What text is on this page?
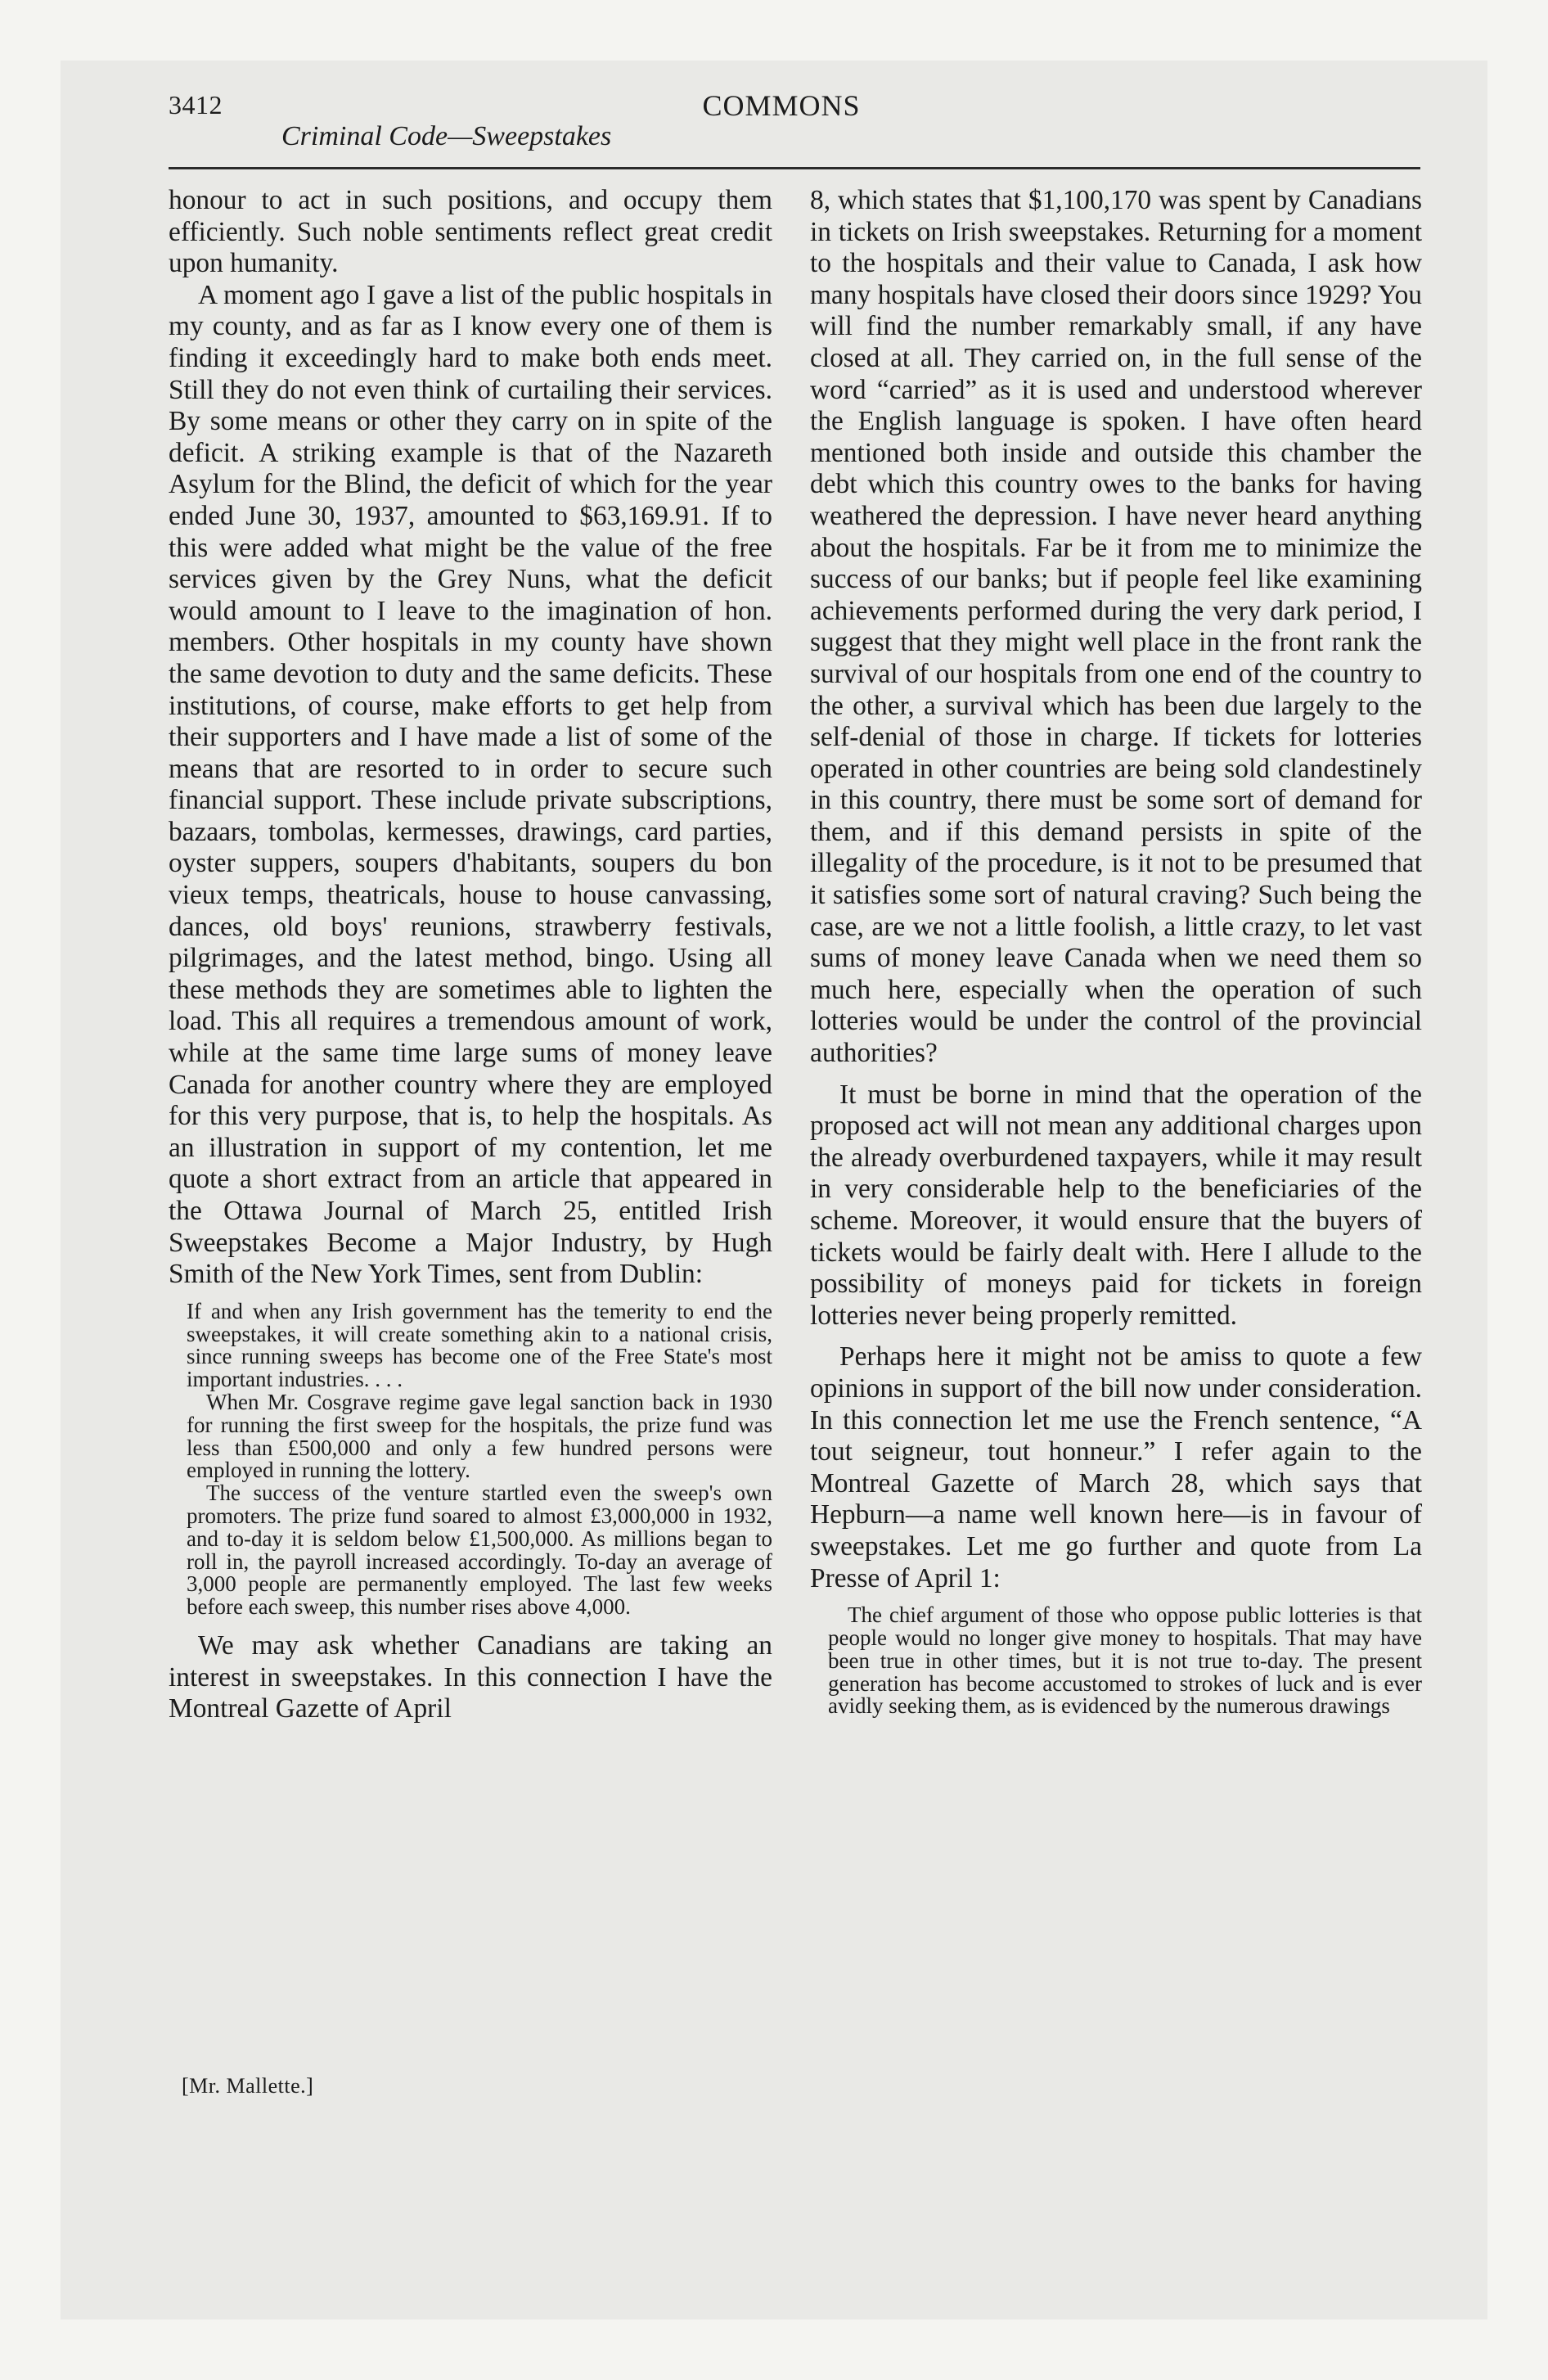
3412
Criminal Code—Sweepstakes
COMMONS

honour to act in such positions, and occupy them efficiently. Such noble sentiments reflect great credit upon humanity.

A moment ago I gave a list of the public hospitals in my county, and as far as I know every one of them is finding it exceedingly hard to make both ends meet. Still they do not even think of curtailing their services. By some means or other they carry on in spite of the deficit. A striking example is that of the Nazareth Asylum for the Blind, the deficit of which for the year ended June 30, 1937, amounted to $63,169.91. If to this were added what might be the value of the free services given by the Grey Nuns, what the deficit would amount to I leave to the imagination of hon. members. Other hospitals in my county have shown the same devotion to duty and the same deficits. These institutions, of course, make efforts to get help from their supporters and I have made a list of some of the means that are resorted to in order to secure such financial support. These include private subscriptions, bazaars, tombolas, kermesses, drawings, card parties, oyster suppers, soupers d'habitants, soupers du bon vieux temps, theatricals, house to house canvassing, dances, old boys' reunions, strawberry festivals, pilgrimages, and the latest method, bingo. Using all these methods they are sometimes able to lighten the load. This all requires a tremendous amount of work, while at the same time large sums of money leave Canada for another country where they are employed for this very purpose, that is, to help the hospitals. As an illustration in support of my contention, let me quote a short extract from an article that appeared in the Ottawa Journal of March 25, entitled Irish Sweepstakes Become a Major Industry, by Hugh Smith of the New York Times, sent from Dublin:

If and when any Irish government has the temerity to end the sweepstakes, it will create something akin to a national crisis, since running sweeps has become one of the Free State's most important industries. . . .

When Mr. Cosgrave regime gave legal sanction back in 1930 for running the first sweep for the hospitals, the prize fund was less than £500,000 and only a few hundred persons were employed in running the lottery.

The success of the venture startled even the sweep's own promoters. The prize fund soared to almost £3,000,000 in 1932, and to-day it is seldom below £1,500,000. As millions began to roll in, the payroll increased accordingly. To-day an average of 3,000 people are permanently employed. The last few weeks before each sweep, this number rises above 4,000.

We may ask whether Canadians are taking an interest in sweepstakes. In this connection I have the Montreal Gazette of April

8, which states that $1,100,170 was spent by Canadians in tickets on Irish sweepstakes. Returning for a moment to the hospitals and their value to Canada, I ask how many hospitals have closed their doors since 1929? You will find the number remarkably small, if any have closed at all. They carried on, in the full sense of the word “carried” as it is used and understood wherever the English language is spoken. I have often heard mentioned both inside and outside this chamber the debt which this country owes to the banks for having weathered the depression. I have never heard anything about the hospitals. Far be it from me to minimize the success of our banks; but if people feel like examining achievements performed during the very dark period, I suggest that they might well place in the front rank the survival of our hospitals from one end of the country to the other, a survival which has been due largely to the self-denial of those in charge. If tickets for lotteries operated in other countries are being sold clandestinely in this country, there must be some sort of demand for them, and if this demand persists in spite of the illegality of the procedure, is it not to be presumed that it satisfies some sort of natural craving? Such being the case, are we not a little foolish, a little crazy, to let vast sums of money leave Canada when we need them so much here, especially when the operation of such lotteries would be under the control of the provincial authorities?

It must be borne in mind that the operation of the proposed act will not mean any additional charges upon the already overburdened taxpayers, while it may result in very considerable help to the beneficiaries of the scheme. Moreover, it would ensure that the buyers of tickets would be fairly dealt with. Here I allude to the possibility of moneys paid for tickets in foreign lotteries never being properly remitted.

Perhaps here it might not be amiss to quote a few opinions in support of the bill now under consideration. In this connection let me use the French sentence, “A tout seigneur, tout honneur.” I refer again to the Montreal Gazette of March 28, which says that Hepburn—a name well known here—is in favour of sweepstakes. Let me go further and quote from La Presse of April 1:

The chief argument of those who oppose public lotteries is that people would no longer give money to hospitals. That may have been true in other times, but it is not true to-day. The present generation has become accustomed to strokes of luck and is ever avidly seeking them, as is evidenced by the numerous drawings

[Mr. Mallette.]
